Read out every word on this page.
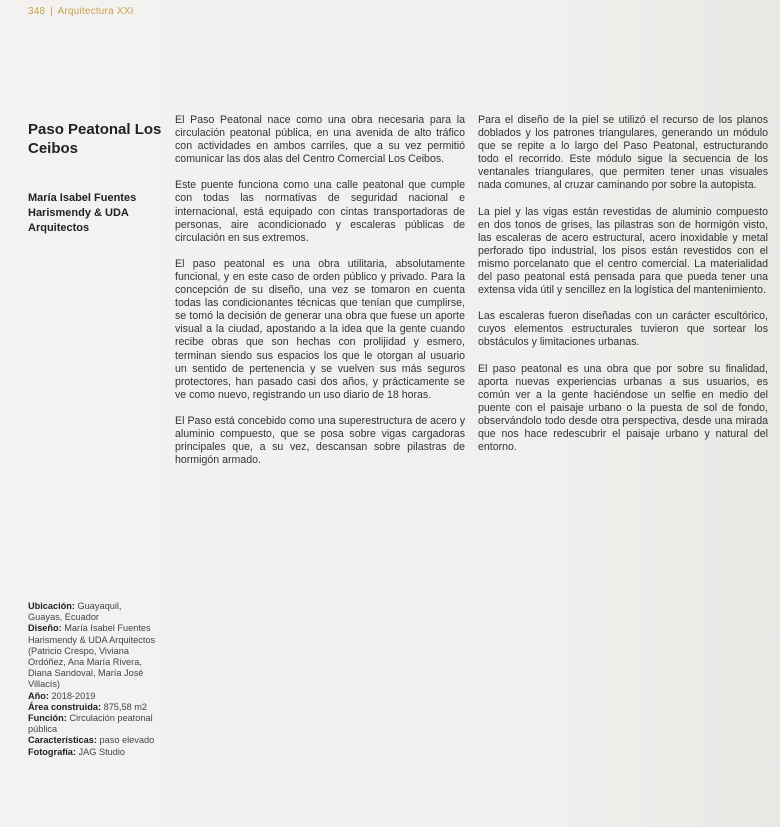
348 | Arquitectura XXI
Paso Peatonal Los Ceibos
María Isabel Fuentes Harismendy & UDA Arquitectos

El Paso Peatonal nace como una obra necesaria para la circulación peatonal pública, en una avenida de alto tráfico con actividades en ambos carriles, que a su vez permitió comunicar las dos alas del Centro Comercial Los Ceibos.

Este puente funciona como una calle peatonal que cumple con todas las normativas de seguridad nacional e internacional, está equipado con cintas transportadoras de personas, aire acondicionado y escaleras públicas de circulación en sus extremos.

El paso peatonal es una obra utilitaria, absolutamente funcional, y en este caso de orden público y privado. Para la concepción de su diseño, una vez se tomaron en cuenta todas las condicionantes técnicas que tenían que cumplirse, se tomó la decisión de generar una obra que fuese un aporte visual a la ciudad, apostando a la idea que la gente cuando recibe obras que son hechas con prolijidad y esmero, terminan siendo sus espacios los que le otorgan al usuario un sentido de pertenencia y se vuelven sus más seguros protectores, han pasado casi dos años, y prácticamente se ve como nuevo, registrando un uso diario de 18 horas.

El Paso está concebido como una superestructura de acero y aluminio compuesto, que se posa sobre vigas cargadoras principales que, a su vez, descansan sobre pilastras de hormigón armado.

Para el diseño de la piel se utilizó el recurso de los planos doblados y los patrones triangulares, generando un módulo que se repite a lo largo del Paso Peatonal, estructurando todo el recorrido. Este módulo sigue la secuencia de los ventanales triangulares, que permiten tener unas visuales nada comunes, al cruzar caminando por sobre la autopista.

La piel y las vigas están revestidas de aluminio compuesto en dos tonos de grises, las pilastras son de hormigón visto, las escaleras de acero estructural, acero inoxidable y metal perforado tipo industrial, los pisos están revestidos con el mismo porcelanato que el centro comercial. La materialidad del paso peatonal está pensada para que pueda tener una extensa vida útil y sencillez en la logística del mantenimiento.

Las escaleras fueron diseñadas con un carácter escultórico, cuyos elementos estructurales tuvieron que sortear los obstáculos y limitaciones urbanas.

El paso peatonal es una obra que por sobre su finalidad, aporta nuevas experiencias urbanas a sus usuarios, es común ver a la gente haciéndose un selfie en medio del puente con el paisaje urbano o la puesta de sol de fondo, observándolo todo desde otra perspectiva, desde una mirada que nos hace redescubrir el paisaje urbano y natural del entorno.

Ubicación: Guayaquil, Guayas, Ecuador
Diseño: María Isabel Fuentes Harismendy & UDA Arquitectos (Patricio Crespo, Viviana Ordóñez, Ana María Rivera, Diana Sandoval, María José Villacís)
Año: 2018-2019
Área construida: 875,58 m2
Función: Circulación peatonal pública
Características: paso elevado
Fotografía: JAG Studio
